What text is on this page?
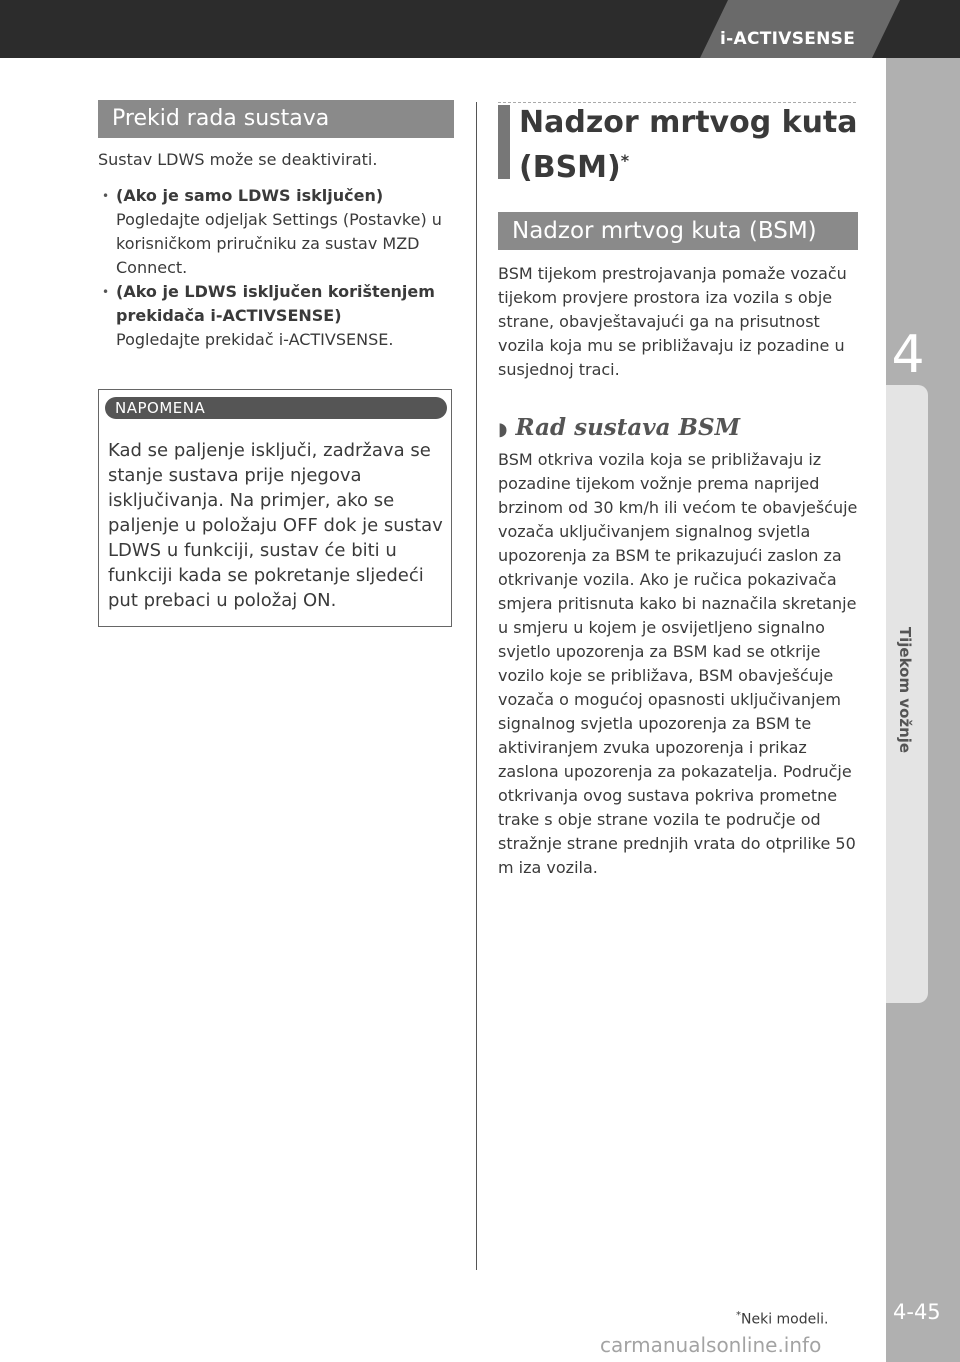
i-ACTIVSENSE
4
Tijekom vožnje
4-45
Prekid rada sustava

Sustav LDWS može se deaktivirati.

• (Ako je samo LDWS isključen)

Pogledajte odjeljak Settings (Postavke) u korisničkom priručniku za sustav MZD Connect.

• (Ako je LDWS isključen korištenjem prekidača i-ACTIVSENSE)

Pogledajte prekidač i-ACTIVSENSE.

NAPOMENA

Kad se paljenje isključi, zadržava se stanje sustava prije njegova isključivanja. Na primjer, ako se paljenje u položaju OFF dok je sustav LDWS u funkciji, sustav će biti u funkciji kada se pokretanje sljedeći put prebaci u položaj ON.

Nadzor mrtvog kuta (BSM)*
Nadzor mrtvog kuta (BSM)

BSM tijekom prestrojavanja pomaže vozaču tijekom provjere prostora iza vozila s obje strane, obavještavajući ga na prisutnost vozila koja mu se približavaju iz pozadine u susjednoj traci.

◗ Rad sustava BSM

BSM otkriva vozila koja se približavaju iz pozadine tijekom vožnje prema naprijed brzinom od 30 km/h ili većom te obavješćuje vozača uključivanjem signalnog svjetla upozorenja za BSM te prikazujući zaslon za otkrivanje vozila. Ako je ručica pokazivača smjera pritisnuta kako bi naznačila skretanje u smjeru u kojem je osvijetljeno signalno svjetlo upozorenja za BSM kad se otkrije vozilo koje se približava, BSM obavješćuje vozača o mogućoj opasnosti uključivanjem signalnog svjetla upozorenja za BSM te aktiviranjem zvuka upozorenja i prikaz zaslona upozorenja za pokazatelja. Područje otkrivanja ovog sustava pokriva prometne trake s obje strane vozila te područje od stražnje strane prednjih vrata do otprilike 50 m iza vozila.

*Neki modeli.
carmanualsonline.info
